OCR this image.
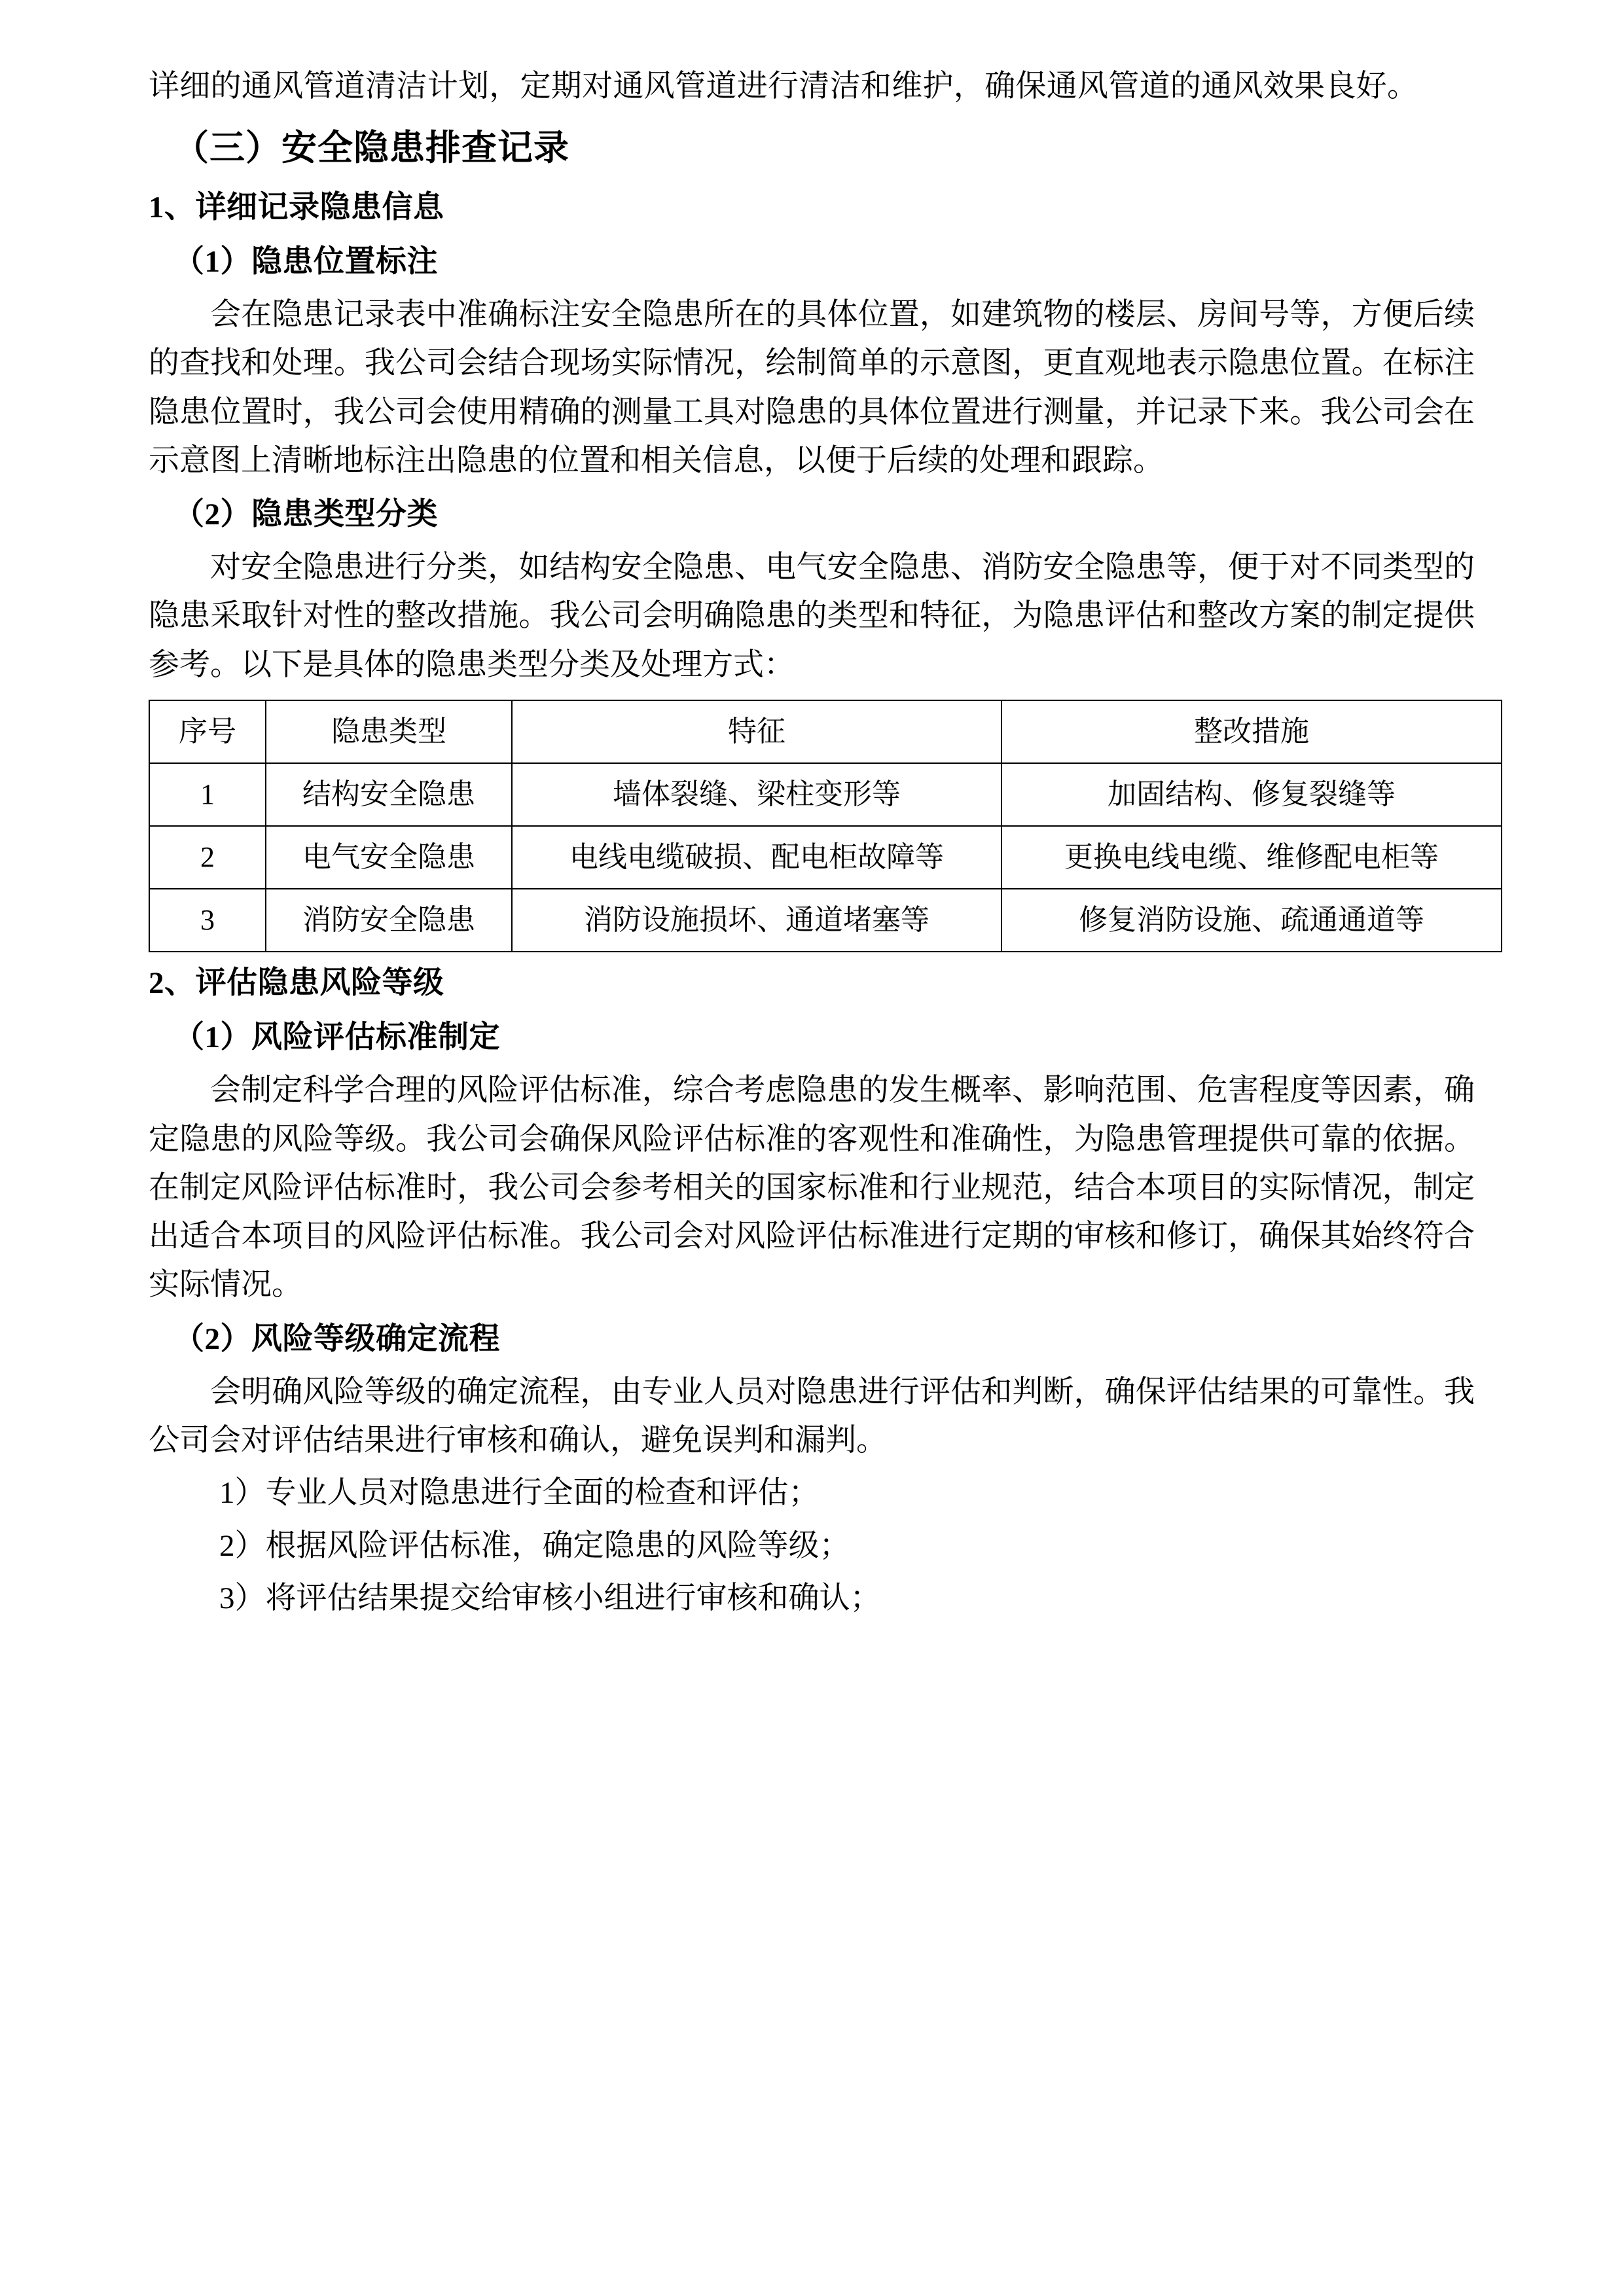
详细的通风管道清洁计划，定期对通风管道进行清洁和维护，确保通风管道的通风效果良好。

（三）安全隐患排查记录
1、详细记录隐患信息
（1）隐患位置标注

会在隐患记录表中准确标注安全隐患所在的具体位置，如建筑物的楼层、房间号等，方便后续的查找和处理。我公司会结合现场实际情况，绘制简单的示意图，更直观地表示隐患位置。在标注隐患位置时，我公司会使用精确的测量工具对隐患的具体位置进行测量，并记录下来。我公司会在示意图上清晰地标注出隐患的位置和相关信息，以便于后续的处理和跟踪。

（2）隐患类型分类

对安全隐患进行分类，如结构安全隐患、电气安全隐患、消防安全隐患等，便于对不同类型的隐患采取针对性的整改措施。我公司会明确隐患的类型和特征，为隐患评估和整改方案的制定提供参考。以下是具体的隐患类型分类及处理方式：

序号	隐患类型	特征	整改措施
1	结构安全隐患	墙体裂缝、梁柱变形等	加固结构、修复裂缝等
2	电气安全隐患	电线电缆破损、配电柜故障等	更换电线电缆、维修配电柜等
3	消防安全隐患	消防设施损坏、通道堵塞等	修复消防设施、疏通通道等
2、评估隐患风险等级
（1）风险评估标准制定

会制定科学合理的风险评估标准，综合考虑隐患的发生概率、影响范围、危害程度等因素，确定隐患的风险等级。我公司会确保风险评估标准的客观性和准确性，为隐患管理提供可靠的依据。在制定风险评估标准时，我公司会参考相关的国家标准和行业规范，结合本项目的实际情况，制定出适合本项目的风险评估标准。我公司会对风险评估标准进行定期的审核和修订，确保其始终符合实际情况。

（2）风险等级确定流程

会明确风险等级的确定流程，由专业人员对隐患进行评估和判断，确保评估结果的可靠性。我公司会对评估结果进行审核和确认，避免误判和漏判。

1）专业人员对隐患进行全面的检查和评估；

2）根据风险评估标准，确定隐患的风险等级；

3）将评估结果提交给审核小组进行审核和确认；
